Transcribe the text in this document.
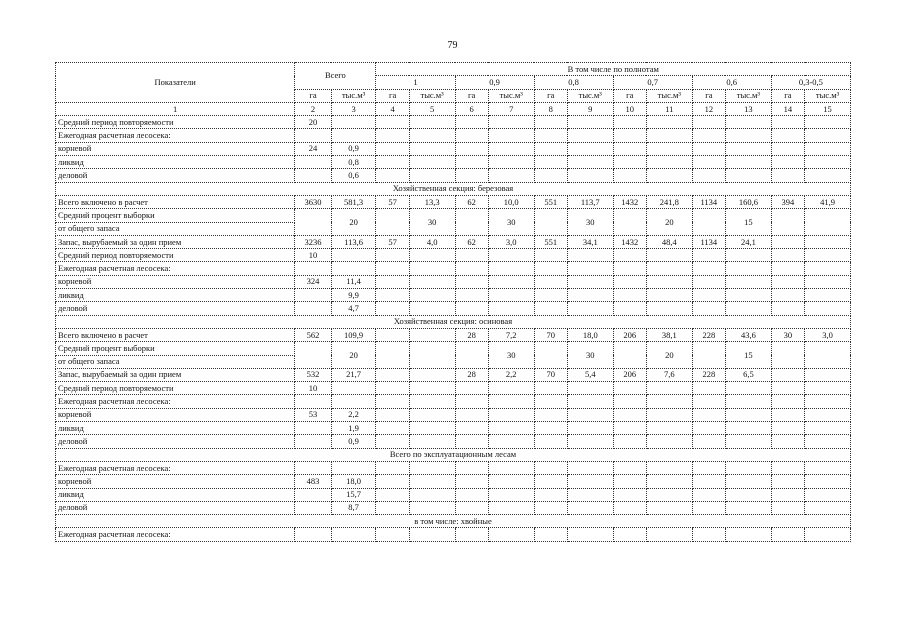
79
Показатели	Всего		В том числе по полнотам											
			1		0,9		0,8		0,7		0,6		0,3-0,5	
	га	тыс.м³	га	тыс.м³	га	тыс.м³	га	тыс.м³	га	тыс.м³	га	тыс.м³	га	тыс.м³
1	2	3	4	5	6	7	8	9	10	11	12	13	14	15
Средний период повторяемости	20													
Ежегодная расчетная лесосека:														
корневой	24	0,9												
ликвид		0,8												
деловой		0,6												
Хозяйственная секция: березовая														
Всего включено в расчет	3630	581,3	57	13,3	62	10,0	551	113,7	1432	241,8	1134	160,6	394	41,9
Средний процент выборки		20		30		30		30		20		15		
от общего запаса														
Запас, вырубаемый за один прием	3236	113,6	57	4,0	62	3,0	551	34,1	1432	48,4	1134	24,1		
Средний период повторяемости	10													
Ежегодная расчетная лесосека:														
корневой	324	11,4												
ликвид		9,9												
деловой		4,7												
Хозяйственная секция: осиновая														
Всего включено в расчет	562	109,9			28	7,2	70	18,0	206	38,1	228	43,6	30	3,0
Средний процент выборки		20				30		30		20		15		
от общего запаса														
Запас, вырубаемый за один прием	532	21,7			28	2,2	70	5,4	206	7,6	228	6,5		
Средний период повторяемости	10													
Ежегодная расчетная лесосека:														
корневой	53	2,2												
ликвид		1,9												
деловой		0,9												
Всего по эксплуатационным лесам														
Ежегодная расчетная лесосека:														
корневой	483	18,0												
ликвид		15,7												
деловой		8,7												
в том числе: хвойные														
Ежегодная расчетная лесосека:														
